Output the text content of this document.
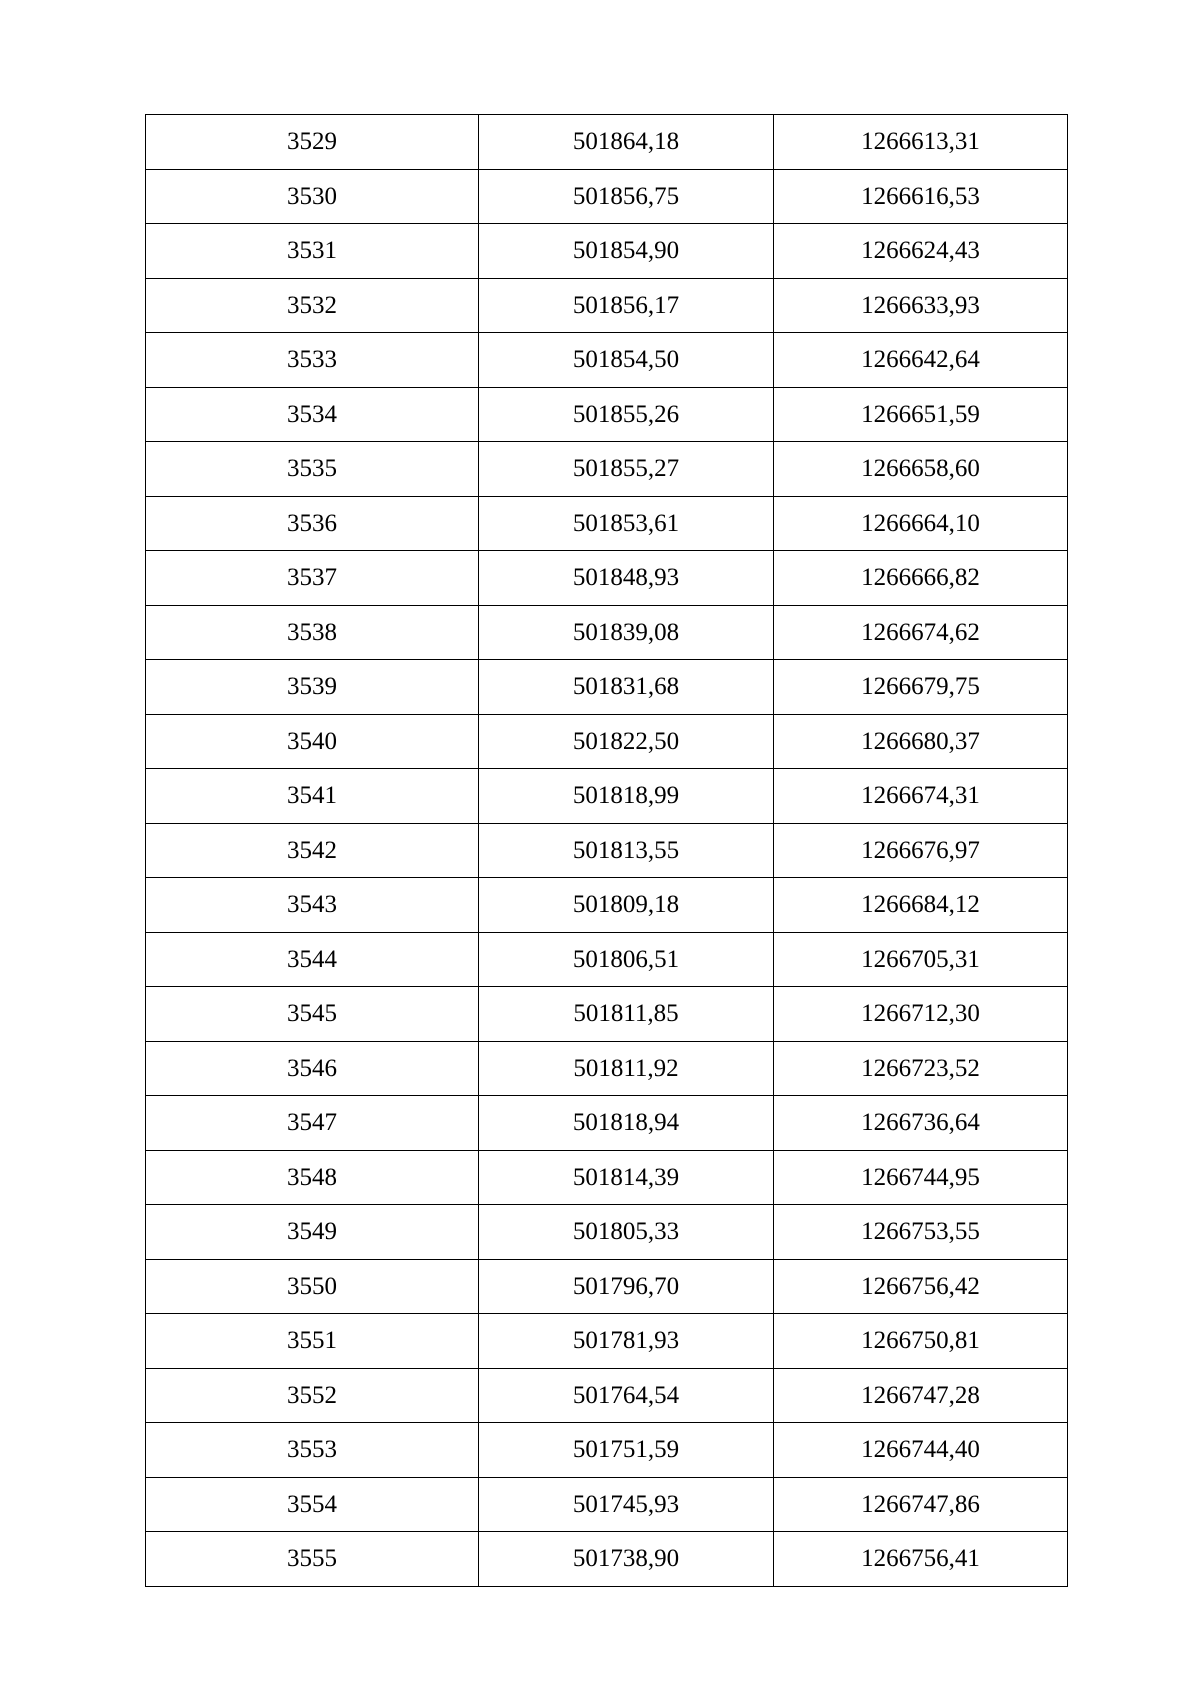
3529	501864,18	1266613,31
3530	501856,75	1266616,53
3531	501854,90	1266624,43
3532	501856,17	1266633,93
3533	501854,50	1266642,64
3534	501855,26	1266651,59
3535	501855,27	1266658,60
3536	501853,61	1266664,10
3537	501848,93	1266666,82
3538	501839,08	1266674,62
3539	501831,68	1266679,75
3540	501822,50	1266680,37
3541	501818,99	1266674,31
3542	501813,55	1266676,97
3543	501809,18	1266684,12
3544	501806,51	1266705,31
3545	501811,85	1266712,30
3546	501811,92	1266723,52
3547	501818,94	1266736,64
3548	501814,39	1266744,95
3549	501805,33	1266753,55
3550	501796,70	1266756,42
3551	501781,93	1266750,81
3552	501764,54	1266747,28
3553	501751,59	1266744,40
3554	501745,93	1266747,86
3555	501738,90	1266756,41
